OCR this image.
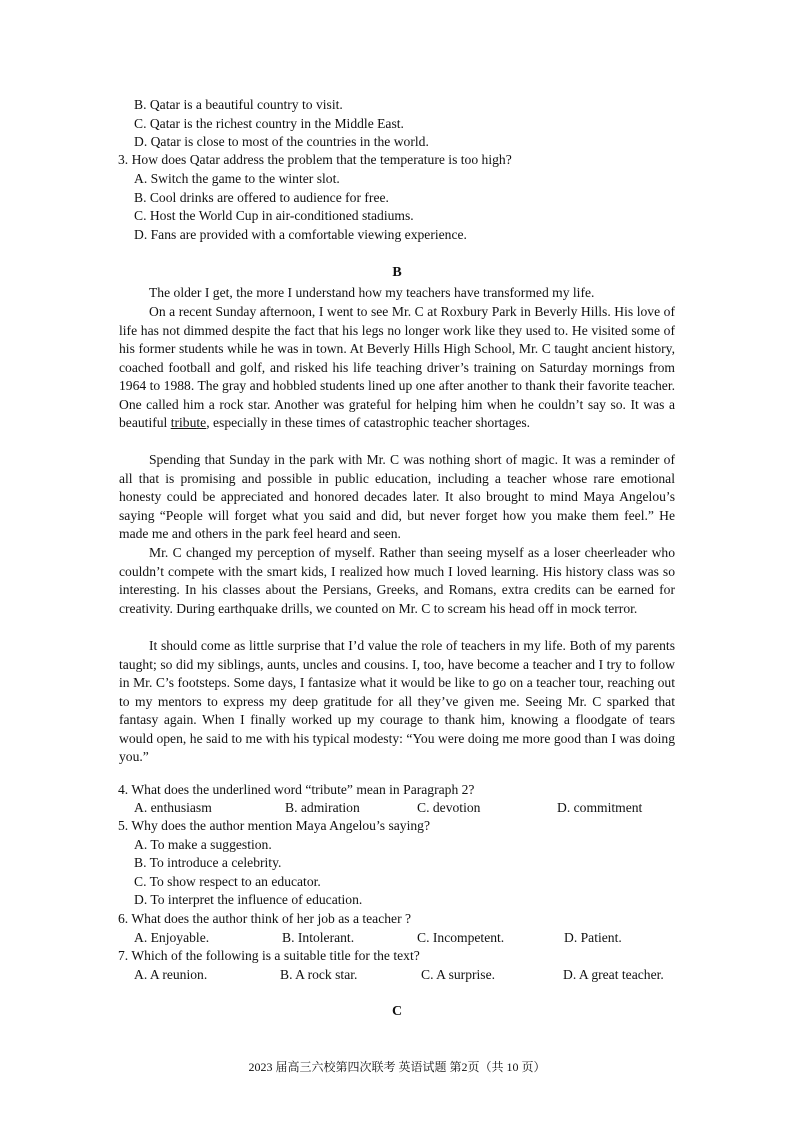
B. Qatar is a beautiful country to visit.
C. Qatar is the richest country in the Middle East.
D. Qatar is close to most of the countries in the world.
3. How does Qatar address the problem that the temperature is too high?
A. Switch the game to the winter slot.
B. Cool drinks are offered to audience for free.
C. Host the World Cup in air-conditioned stadiums.
D. Fans are provided with a comfortable viewing experience.
B

The older I get, the more I understand how my teachers have transformed my life.

On a recent Sunday afternoon, I went to see Mr. C at Roxbury Park in Beverly Hills. His love of life has not dimmed despite the fact that his legs no longer work like they used to. He visited some of his former students while he was in town. At Beverly Hills High School, Mr. C taught ancient history, coached football and golf, and risked his life teaching driver’s training on Saturday mornings from 1964 to 1988. The gray and hobbled students lined up one after another to thank their favorite teacher. One called him a rock star. Another was grateful for helping him when he couldn’t say so. It was a beautiful tribute, especially in these times of catastrophic teacher shortages.

Spending that Sunday in the park with Mr. C was nothing short of magic. It was a reminder of all that is promising and possible in public education, including a teacher whose rare emotional honesty could be appreciated and honored decades later. It also brought to mind Maya Angelou’s saying “People will forget what you said and did, but never forget how you make them feel.” He made me and others in the park feel heard and seen.

Mr. C changed my perception of myself. Rather than seeing myself as a loser cheerleader who couldn’t compete with the smart kids, I realized how much I loved learning. His history class was so interesting. In his classes about the Persians, Greeks, and Romans, extra credits can be earned for creativity. During earthquake drills, we counted on Mr. C to scream his head off in mock terror.

It should come as little surprise that I’d value the role of teachers in my life. Both of my parents taught; so did my siblings, aunts, uncles and cousins. I, too, have become a teacher and I try to follow in Mr. C’s footsteps. Some days, I fantasize what it would be like to go on a teacher tour, reaching out to my mentors to express my deep gratitude for all they’ve given me. Seeing Mr. C sparked that fantasy again. When I finally worked up my courage to thank him, knowing a floodgate of tears would open, he said to me with his typical modesty: “You were doing me more good than I was doing you.”

4. What does the underlined word “tribute” mean in Paragraph 2?
A. enthusiasm	B. admiration	C. devotion	D. commitment
5. Why does the author mention Maya Angelou’s saying?
A. To make a suggestion.
B. To introduce a celebrity.
C. To show respect to an educator.
D. To interpret the influence of education.
6. What does the author think of her job as a teacher ?
A. Enjoyable.	B. Intolerant.	C. Incompetent.	D. Patient.
7. Which of the following is a suitable title for the text?
A. A reunion.	B. A rock star.	C. A surprise.	D. A great teacher.
C
2023 届高三六校第四次联考 英语试题 第2页（共 10 页）
